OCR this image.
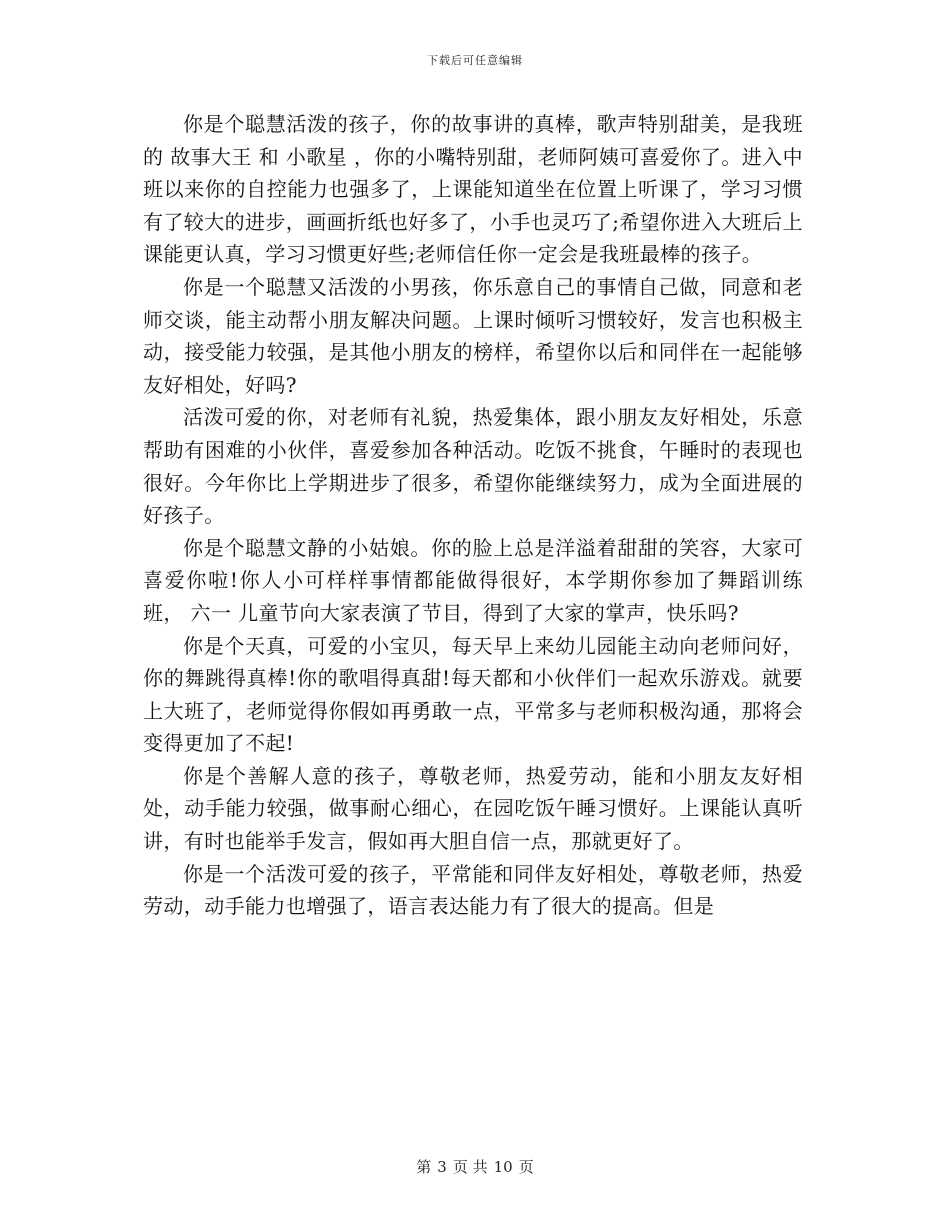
下载后可任意编辑

你是个聪慧活泼的孩子，你的故事讲的真棒，歌声特别甜美，是我班的 故事大王 和 小歌星 ，你的小嘴特别甜，老师阿姨可喜爱你了。进入中班以来你的自控能力也强多了，上课能知道坐在位置上听课了，学习习惯有了较大的进步，画画折纸也好多了，小手也灵巧了;希望你进入大班后上课能更认真，学习习惯更好些;老师信任你一定会是我班最棒的孩子。

你是一个聪慧又活泼的小男孩，你乐意自己的事情自己做，同意和老师交谈，能主动帮小朋友解决问题。上课时倾听习惯较好，发言也积极主动，接受能力较强，是其他小朋友的榜样，希望你以后和同伴在一起能够友好相处，好吗?

活泼可爱的你，对老师有礼貌，热爱集体，跟小朋友友好相处，乐意帮助有困难的小伙伴，喜爱参加各种活动。吃饭不挑食，午睡时的表现也很好。今年你比上学期进步了很多，希望你能继续努力，成为全面进展的好孩子。

你是个聪慧文静的小姑娘。你的脸上总是洋溢着甜甜的笑容，大家可喜爱你啦!你人小可样样事情都能做得很好，本学期你参加了舞蹈训练班， 六一 儿童节向大家表演了节目，得到了大家的掌声，快乐吗?

你是个天真，可爱的小宝贝，每天早上来幼儿园能主动向老师问好，你的舞跳得真棒!你的歌唱得真甜!每天都和小伙伴们一起欢乐游戏。就要上大班了，老师觉得你假如再勇敢一点，平常多与老师积极沟通，那将会变得更加了不起!

你是个善解人意的孩子，尊敬老师，热爱劳动，能和小朋友友好相处，动手能力较强，做事耐心细心，在园吃饭午睡习惯好。上课能认真听讲，有时也能举手发言，假如再大胆自信一点，那就更好了。

你是一个活泼可爱的孩子，平常能和同伴友好相处，尊敬老师，热爱劳动，动手能力也增强了，语言表达能力有了很大的提高。但是

第 3 页 共 10 页
